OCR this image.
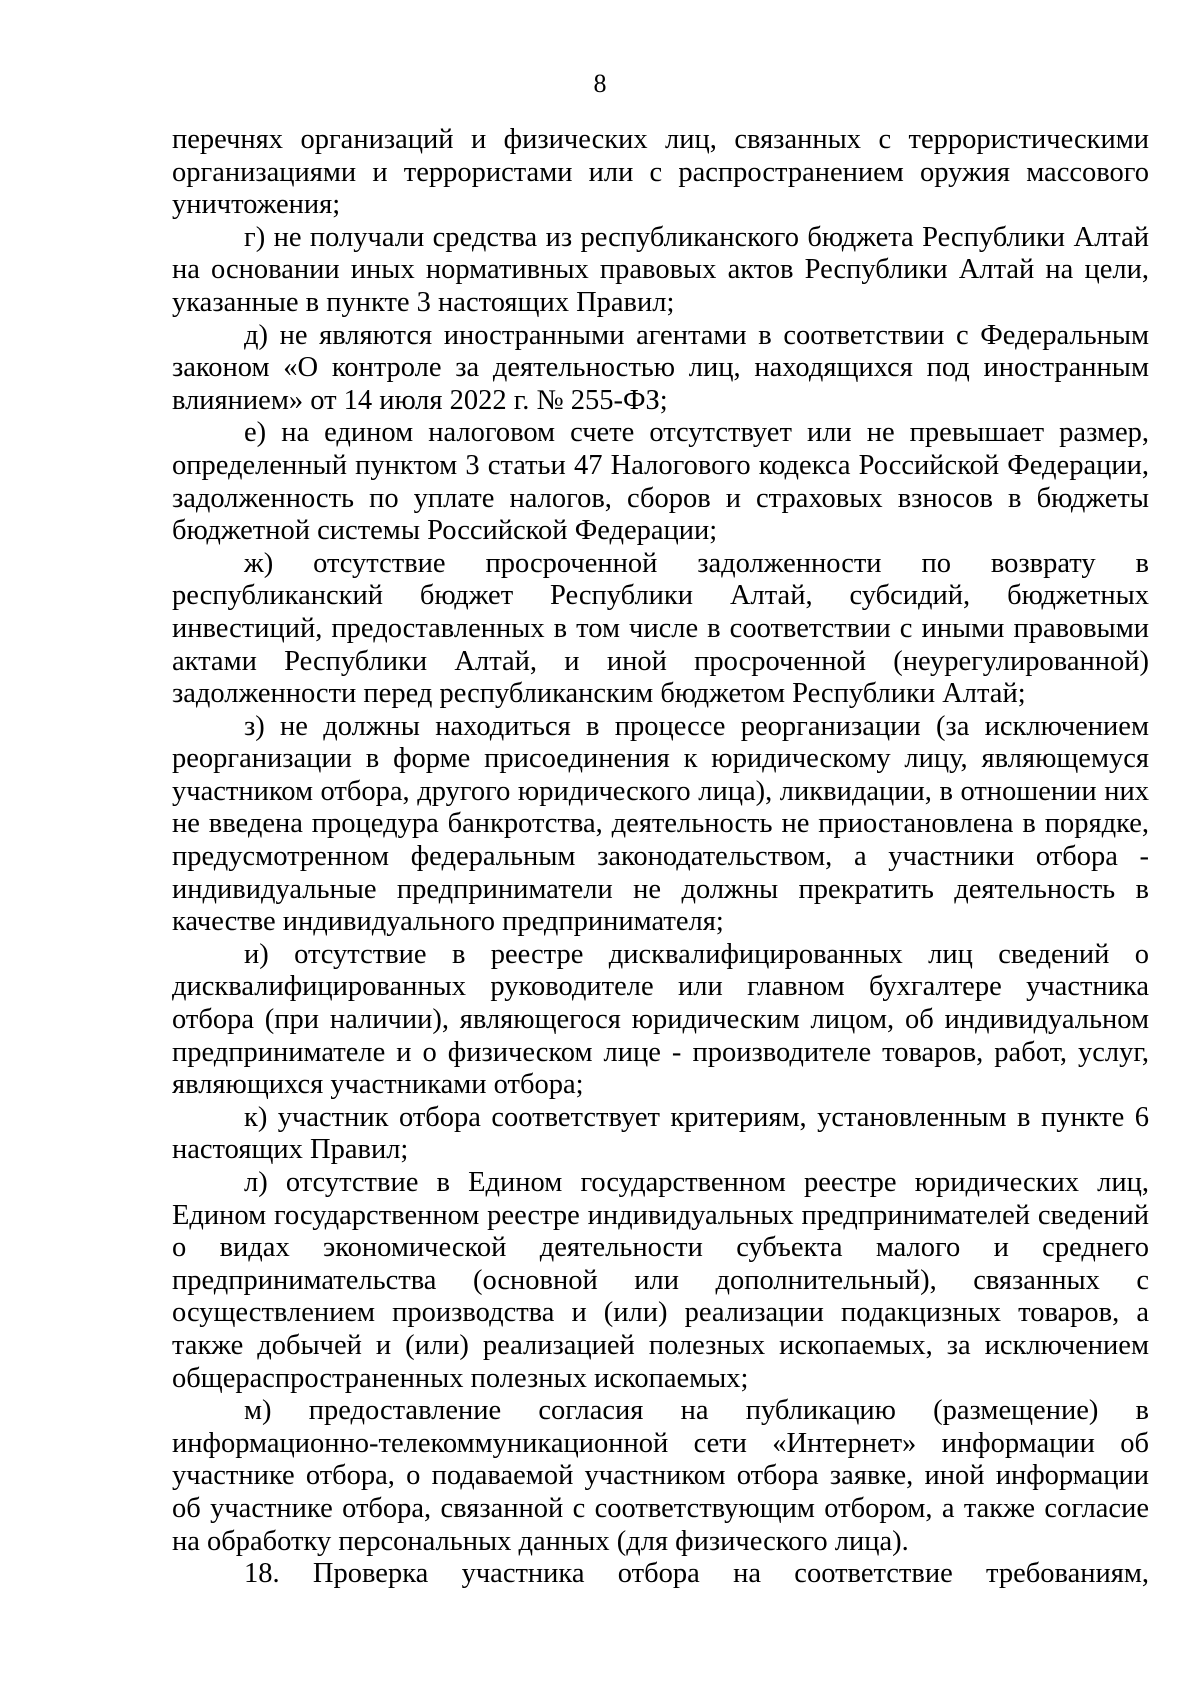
8

перечнях организаций и физических лиц, связанных с террористическими организациями и террористами или с распространением оружия массового уничтожения;

г) не получали средства из республиканского бюджета Республики Алтай на основании иных нормативных правовых актов Республики Алтай на цели, указанные в пункте 3 настоящих Правил;

д) не являются иностранными агентами в соответствии с Федеральным законом «О контроле за деятельностью лиц, находящихся под иностранным влиянием» от 14 июля 2022 г. № 255-ФЗ;

е) на едином налоговом счете отсутствует или не превышает размер, определенный пунктом 3 статьи 47 Налогового кодекса Российской Федерации, задолженность по уплате налогов, сборов и страховых взносов в бюджеты бюджетной системы Российской Федерации;

ж) отсутствие просроченной задолженности по возврату в республиканский бюджет Республики Алтай, субсидий, бюджетных инвестиций, предоставленных в том числе в соответствии с иными правовыми актами Республики Алтай, и иной просроченной (неурегулированной) задолженности перед республиканским бюджетом Республики Алтай;

з) не должны находиться в процессе реорганизации (за исключением реорганизации в форме присоединения к юридическому лицу, являющемуся участником отбора, другого юридического лица), ликвидации, в отношении них не введена процедура банкротства, деятельность не приостановлена в порядке, предусмотренном федеральным законодательством, а участники отбора - индивидуальные предприниматели не должны прекратить деятельность в качестве индивидуального предпринимателя;

и) отсутствие в реестре дисквалифицированных лиц сведений о дисквалифицированных руководителе или главном бухгалтере участника отбора (при наличии), являющегося юридическим лицом, об индивидуальном предпринимателе и о физическом лице - производителе товаров, работ, услуг, являющихся участниками отбора;

к) участник отбора соответствует критериям, установленным в пункте 6 настоящих Правил;

л) отсутствие в Едином государственном реестре юридических лиц, Едином государственном реестре индивидуальных предпринимателей сведений о видах экономической деятельности субъекта малого и среднего предпринимательства (основной или дополнительный), связанных с осуществлением производства и (или) реализации подакцизных товаров, а также добычей и (или) реализацией полезных ископаемых, за исключением общераспространенных полезных ископаемых;

м) предоставление согласия на публикацию (размещение) в информационно-телекоммуникационной сети «Интернет» информации об участнике отбора, о подаваемой участником отбора заявке, иной информации об участнике отбора, связанной с соответствующим отбором, а также согласие на обработку персональных данных (для физического лица).

18. Проверка участника отбора на соответствие требованиям,
